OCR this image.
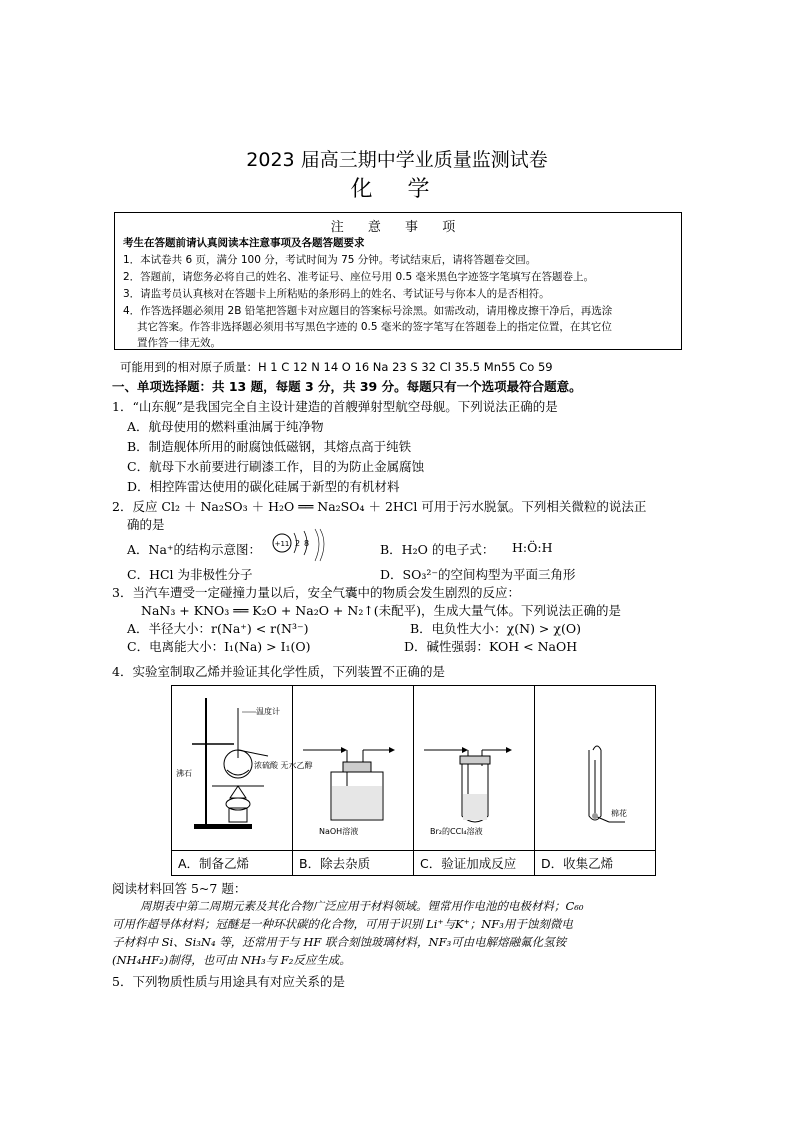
2023 届高三期中学业质量监测试卷
化 学
注 意 事 项
考生在答题前请认真阅读本注意事项及各题答题要求
1．本试卷共 6 页，满分 100 分，考试时间为 75 分钟。考试结束后，请将答题卷交回。
2．答题前，请您务必将自己的姓名、准考证号、座位号用 0.5 毫米黑色字迹签字笔填写在答题卷上。
3．请监考员认真核对在答题卡上所粘贴的条形码上的姓名、考试证号与你本人的是否相符。
4．作答选择题必须用 2B 铅笔把答题卡对应题目的答案标号涂黑。如需改动，请用橡皮擦干净后，再选涂
其它答案。作答非选择题必须用书写黑色字迹的 0.5 毫米的签字笔写在答题卷上的指定位置，在其它位
置作答一律无效。
可能用到的相对原子质量：H 1 C 12 N 14 O 16 Na 23 S 32 Cl 35.5 Mn55 Co 59
一、单项选择题：共 13 题，每题 3 分，共 39 分。每题只有一个选项最符合题意。
1．“山东舰”是我国完全自主设计建造的首艘弹射型航空母舰。下列说法正确的是
A．航母使用的燃料重油属于纯净物
B．制造舰体所用的耐腐蚀低磁钢，其熔点高于纯铁
C．航母下水前要进行刷漆工作，目的为防止金属腐蚀
D．相控阵雷达使用的碳化硅属于新型的有机材料
2．反应 Cl₂ ＋ Na₂SO₃ ＋ H₂O ══ Na₂SO₄ ＋ 2HCl 可用于污水脱氯。下列相关微粒的说法正
确的是
A．Na⁺的结构示意图： +11 2 8	B．H₂O 的电子式： H:Ö:H
C．HCl 为非极性分子	D．SO₃²⁻的空间构型为平面三角形
3．当汽车遭受一定碰撞力量以后，安全气囊中的物质会发生剧烈的反应：
NaN₃ + KNO₃ ══ K₂O + Na₂O + N₂↑(未配平)，生成大量气体。下列说法正确的是
A．半径大小：r(Na⁺) < r(N³⁻)	B．电负性大小：χ(N) > χ(O)
C．电离能大小：I₁(Na) > I₁(O)	D．碱性强弱：KOH < NaOH
4．实验室制取乙烯并验证其化学性质，下列装置不正确的是
温度计
浓硫酸 无水乙醇
沸石	NaOH溶液	Br₂的CCl₄溶液	棉花

A．制备乙烯	B．除去杂质	C．验证加成反应	D．收集乙烯
阅读材料回答 5~7 题：
周期表中第二周期元素及其化合物广泛应用于材料领域。锂常用作电池的电极材料；C₆₀
可用作超导体材料；冠醚是一种环状碳的化合物，可用于识别 Li⁺与K⁺；NF₃用于蚀刻微电
子材料中 Si、Si₃N₄ 等，还常用于与 HF 联合刻蚀玻璃材料，NF₃可由电解熔融氟化氢铵
(NH₄HF₂)制得，也可由 NH₃与 F₂反应生成。
5．下列物质性质与用途具有对应关系的是
